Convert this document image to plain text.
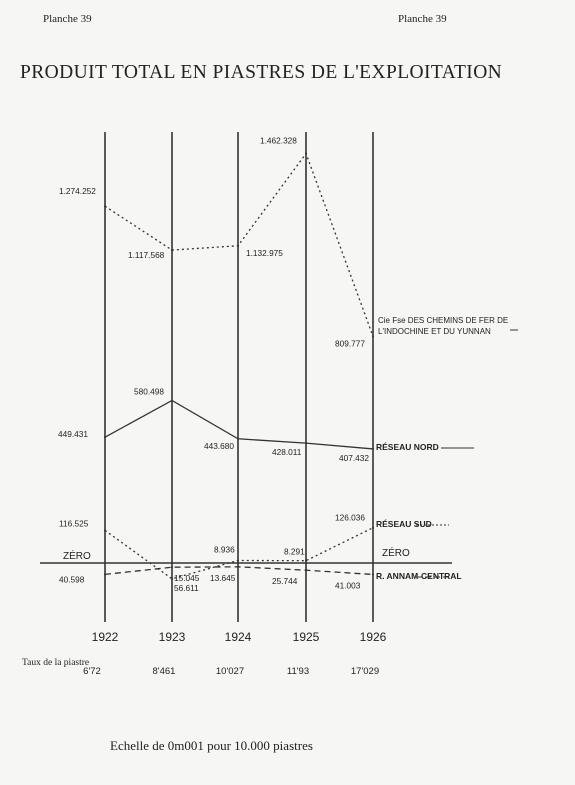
Planche 39	Planche 39
PRODUIT TOTAL EN PIASTRES DE L'EXPLOITATION
ZÉRO	ZÉRO
1.274.252
1.117.568	1.132.975
1.462.328
809.777
449.431
580.498
443.680
428.011
407.432
116.525
56.611
8.936	8.291
126.036
40.598	15.045 13.645	25.744	41.003
Cie Fse DES CHEMINS DE FER DE
L'INDOCHINE ET DU YUNNAN
RÉSEAU NORD
RÉSEAU SUD
R. ANNAM-CENTRAL
1922	1923	1924	1925	1926
6'72	8'461	10'027	11'93	17'029
Taux de la piastre
Echelle de 0m001 pour 10.000 piastres
